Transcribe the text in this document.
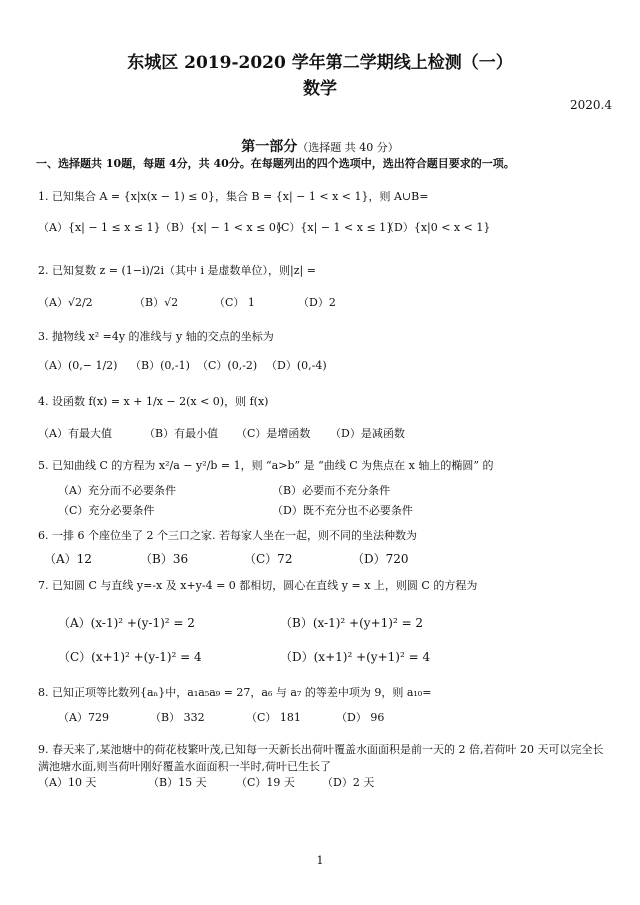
东城区 2019-2020 学年第二学期线上检测（一）
数学
2020.4
第一部分（选择题 共 40 分）
一、选择题共 10题，每题 4分，共 40分。在每题列出的四个选项中，选出符合题目要求的一项。
1. 已知集合 A = {x|x(x − 1) ≤ 0}，集合 B = {x| − 1 < x < 1}，则 A∪B=
（A）{x| − 1 ≤ x ≤ 1} （B）{x| − 1 < x ≤ 0}
（C）{x| − 1 < x ≤ 1}
（D）{x|0 < x < 1}
2. 已知复数 z = (1−i)/2i（其中 i 是虚数单位），则|z| =
（A）√2/2	（B）√2	（C） 1	（D）2
3. 抛物线 x² =4y 的准线与 y 轴的交点的坐标为
（A）(0,− 1/2) （B）(0,-1) （C）(0,-2) （D）(0,-4)
4. 设函数 f(x) = x + 1/x − 2(x < 0)，则 f(x)
（A）有最大值	（B）有最小值 （C）是增函数 （D）是减函数
5. 已知曲线 C 的方程为 x²/a − y²/b = 1，则 “a>b” 是 “曲线 C 为焦点在 x 轴上的椭圆” 的
（A）充分而不必要条件	（B）必要而不充分条件
（C）充分必要条件	（D）既不充分也不必要条件
6. 一排 6 个座位坐了 2 个三口之家. 若每家人坐在一起，则不同的坐法种数为
（A）12	（B）36	（C）72	（D）720
7. 已知圆 C 与直线 y=-x 及 x+y-4 = 0 都相切，圆心在直线 y = x 上，则圆 C 的方程为
（A）(x-1)² +(y-1)² = 2	（B）(x-1)² +(y+1)² = 2
（C）(x+1)² +(y-1)² = 4	（D）(x+1)² +(y+1)² = 4
8. 已知正项等比数列{aₙ}中，a₁a₅a₉ = 27，a₆ 与 a₇ 的等差中项为 9，则 a₁₀=
（A）729	（B） 332	（C） 181	（D） 96
9. 春天来了,某池塘中的荷花枝繁叶茂,已知每一天新长出荷叶覆盖水面面积是前一天的 2 倍,若荷叶 20 天可以完全长满池塘水面,则当荷叶刚好覆盖水面面积一半时,荷叶已生长了
（A）10 天	（B）15 天	（C）19 天 （D）2 天
1
